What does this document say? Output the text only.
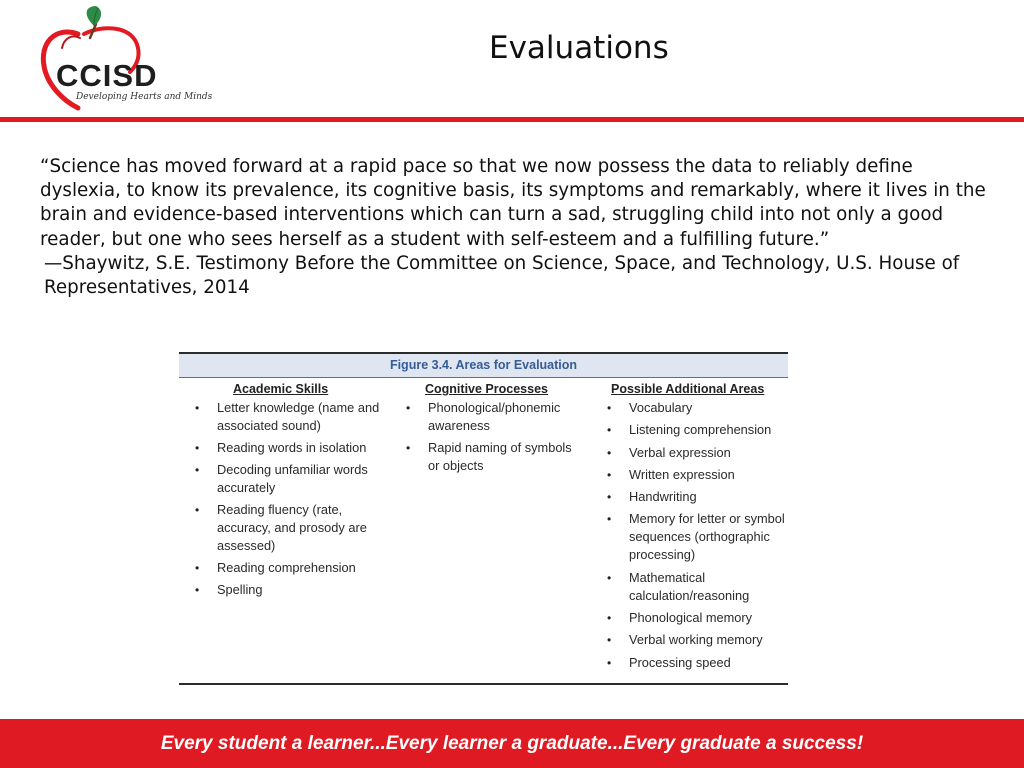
CCISD
Developing Hearts and Minds
Evaluations

“Science has moved forward at a rapid pace so that we now possess the data to reliably define dyslexia, to know its prevalence, its cognitive basis, its symptoms and remarkably, where it lives in the brain and evidence-based interventions which can turn a sad, struggling child into not only a good reader, but one who sees herself as a student with self-esteem and a fulfilling future.”

—Shaywitz, S.E. Testimony Before the Committee on Science, Space, and Technology, U.S. House of Representatives, 2014

Figure 3.4. Areas for Evaluation
Academic Skills
• Letter knowledge (name and associated sound)
• Reading words in isolation
• Decoding unfamiliar words accurately
• Reading fluency (rate, accuracy, and prosody are assessed)
• Reading comprehension
• Spelling
Cognitive Processes
• Phonological/phonemic awareness
• Rapid naming of symbols or objects
Possible Additional Areas
• Vocabulary
• Listening comprehension
• Verbal expression
• Written expression
• Handwriting
• Memory for letter or symbol sequences (orthographic processing)
• Mathematical calculation/reasoning
• Phonological memory
• Verbal working memory
• Processing speed
Every student a learner...Every learner a graduate...Every graduate a success!
